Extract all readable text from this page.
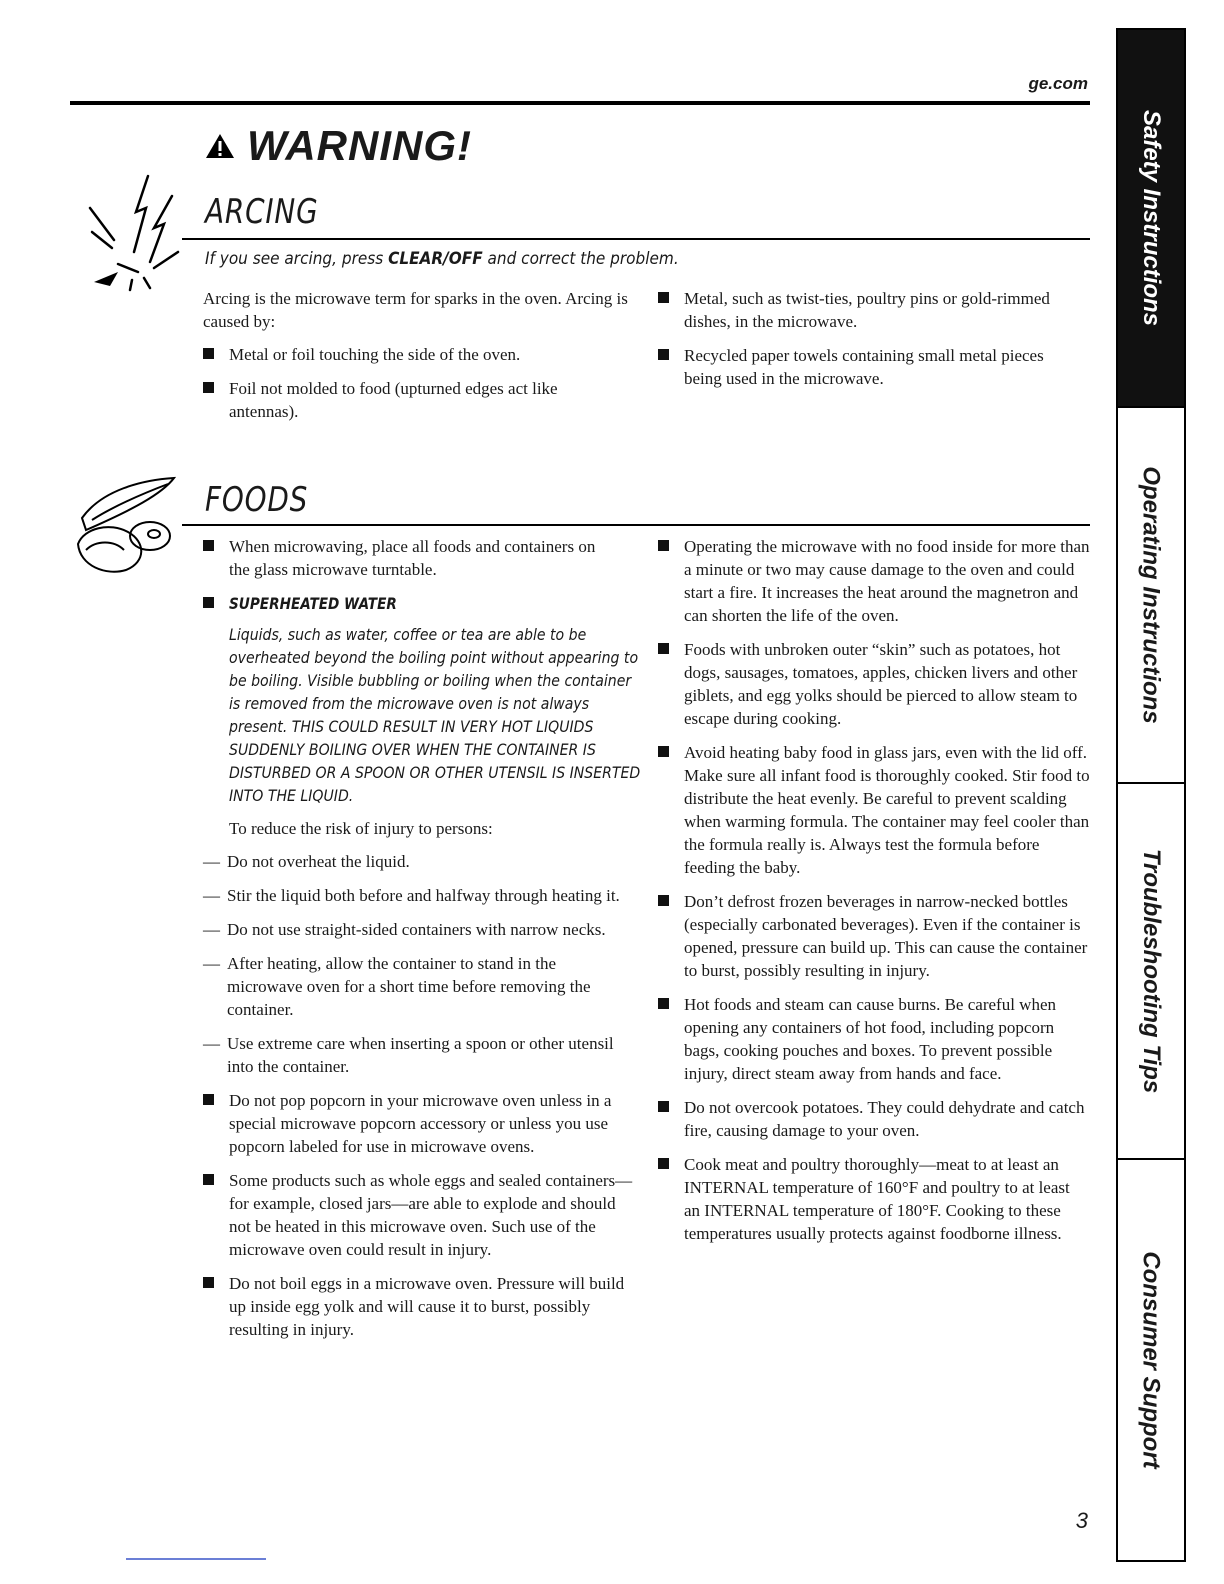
ge.com
WARNING!
ARCING
If you see arcing, press CLEAR/OFF and correct the problem.
Arcing is the microwave term for sparks in the oven. Arcing is caused by:
Metal or foil touching the side of the oven.
Foil not molded to food (upturned edges act like antennas).
Metal, such as twist-ties, poultry pins or gold-rimmed dishes, in the microwave.
Recycled paper towels containing small metal pieces being used in the microwave.
FOODS
When microwaving, place all foods and containers on the glass microwave turntable.
SUPERHEATED WATER
Liquids, such as water, coffee or tea are able to be overheated beyond the boiling point without appearing to be boiling. Visible bubbling or boiling when the container is removed from the microwave oven is not always present. THIS COULD RESULT IN VERY HOT LIQUIDS SUDDENLY BOILING OVER WHEN THE CONTAINER IS DISTURBED OR A SPOON OR OTHER UTENSIL IS INSERTED INTO THE LIQUID.
To reduce the risk of injury to persons:
— Do not overheat the liquid.
— Stir the liquid both before and halfway through heating it.
— Do not use straight-sided containers with narrow necks.
— After heating, allow the container to stand in the microwave oven for a short time before removing the container.
— Use extreme care when inserting a spoon or other utensil into the container.
Do not pop popcorn in your microwave oven unless in a special microwave popcorn accessory or unless you use popcorn labeled for use in microwave ovens.
Some products such as whole eggs and sealed containers—for example, closed jars—are able to explode and should not be heated in this microwave oven. Such use of the microwave oven could result in injury.
Do not boil eggs in a microwave oven. Pressure will build up inside egg yolk and will cause it to burst, possibly resulting in injury.
Operating the microwave with no food inside for more than a minute or two may cause damage to the oven and could start a fire. It increases the heat around the magnetron and can shorten the life of the oven.
Foods with unbroken outer “skin” such as potatoes, hot dogs, sausages, tomatoes, apples, chicken livers and other giblets, and egg yolks should be pierced to allow steam to escape during cooking.
Avoid heating baby food in glass jars, even with the lid off. Make sure all infant food is thoroughly cooked. Stir food to distribute the heat evenly. Be careful to prevent scalding when warming formula. The container may feel cooler than the formula really is. Always test the formula before feeding the baby.
Don’t defrost frozen beverages in narrow-necked bottles (especially carbonated beverages). Even if the container is opened, pressure can build up. This can cause the container to burst, possibly resulting in injury.
Hot foods and steam can cause burns. Be careful when opening any containers of hot food, including popcorn bags, cooking pouches and boxes. To prevent possible injury, direct steam away from hands and face.
Do not overcook potatoes. They could dehydrate and catch fire, causing damage to your oven.
Cook meat and poultry thoroughly—meat to at least an INTERNAL temperature of 160°F and poultry to at least an INTERNAL temperature of 180°F. Cooking to these temperatures usually protects against foodborne illness.
Safety Instructions
Operating Instructions
Troubleshooting Tips
Consumer Support
3
